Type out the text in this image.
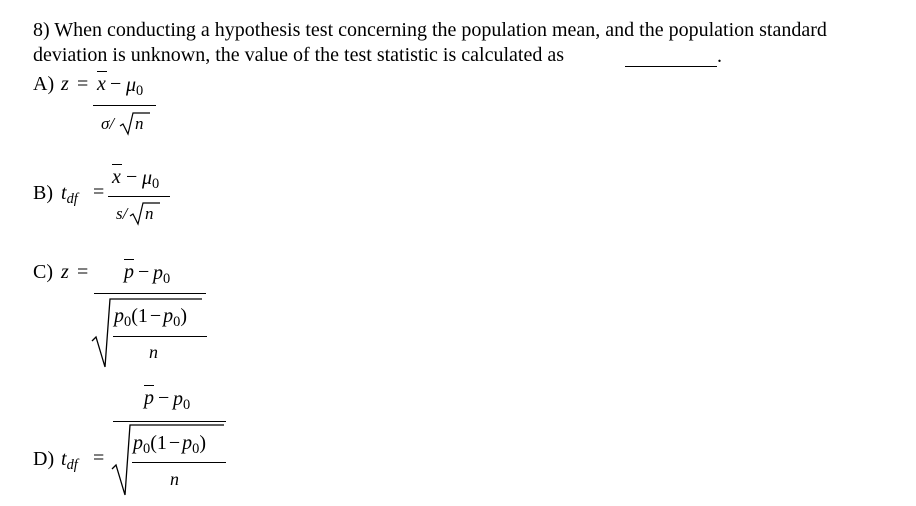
8) When conducting a hypothesis test concerning the population mean, and the population standard
deviation is unknown, the value of the test statistic is calculated as	.
A) $z = x - \mu_0$
σ/ n
B) $t_{df}$ =
$x - \mu_0$
s/ n
C) $z = p - p_0$
$p_0(1 - p_0)$
n
D) $t_{df}$ =
$p - p_0$
$p_0(1 - p_0)$
n
